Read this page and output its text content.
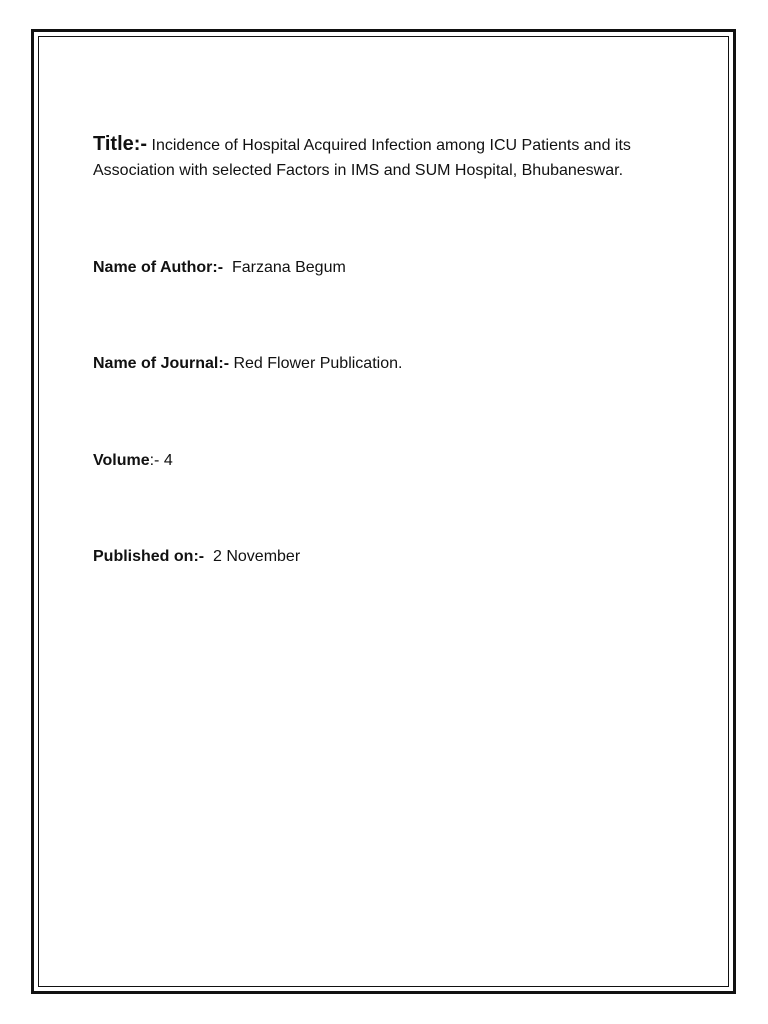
Title:- Incidence of Hospital Acquired Infection among ICU Patients and its Association with selected Factors in IMS and SUM Hospital, Bhubaneswar.
Name of Author:- Farzana Begum
Name of Journal:- Red Flower Publication.
Volume:- 4
Published on:- 2 November
